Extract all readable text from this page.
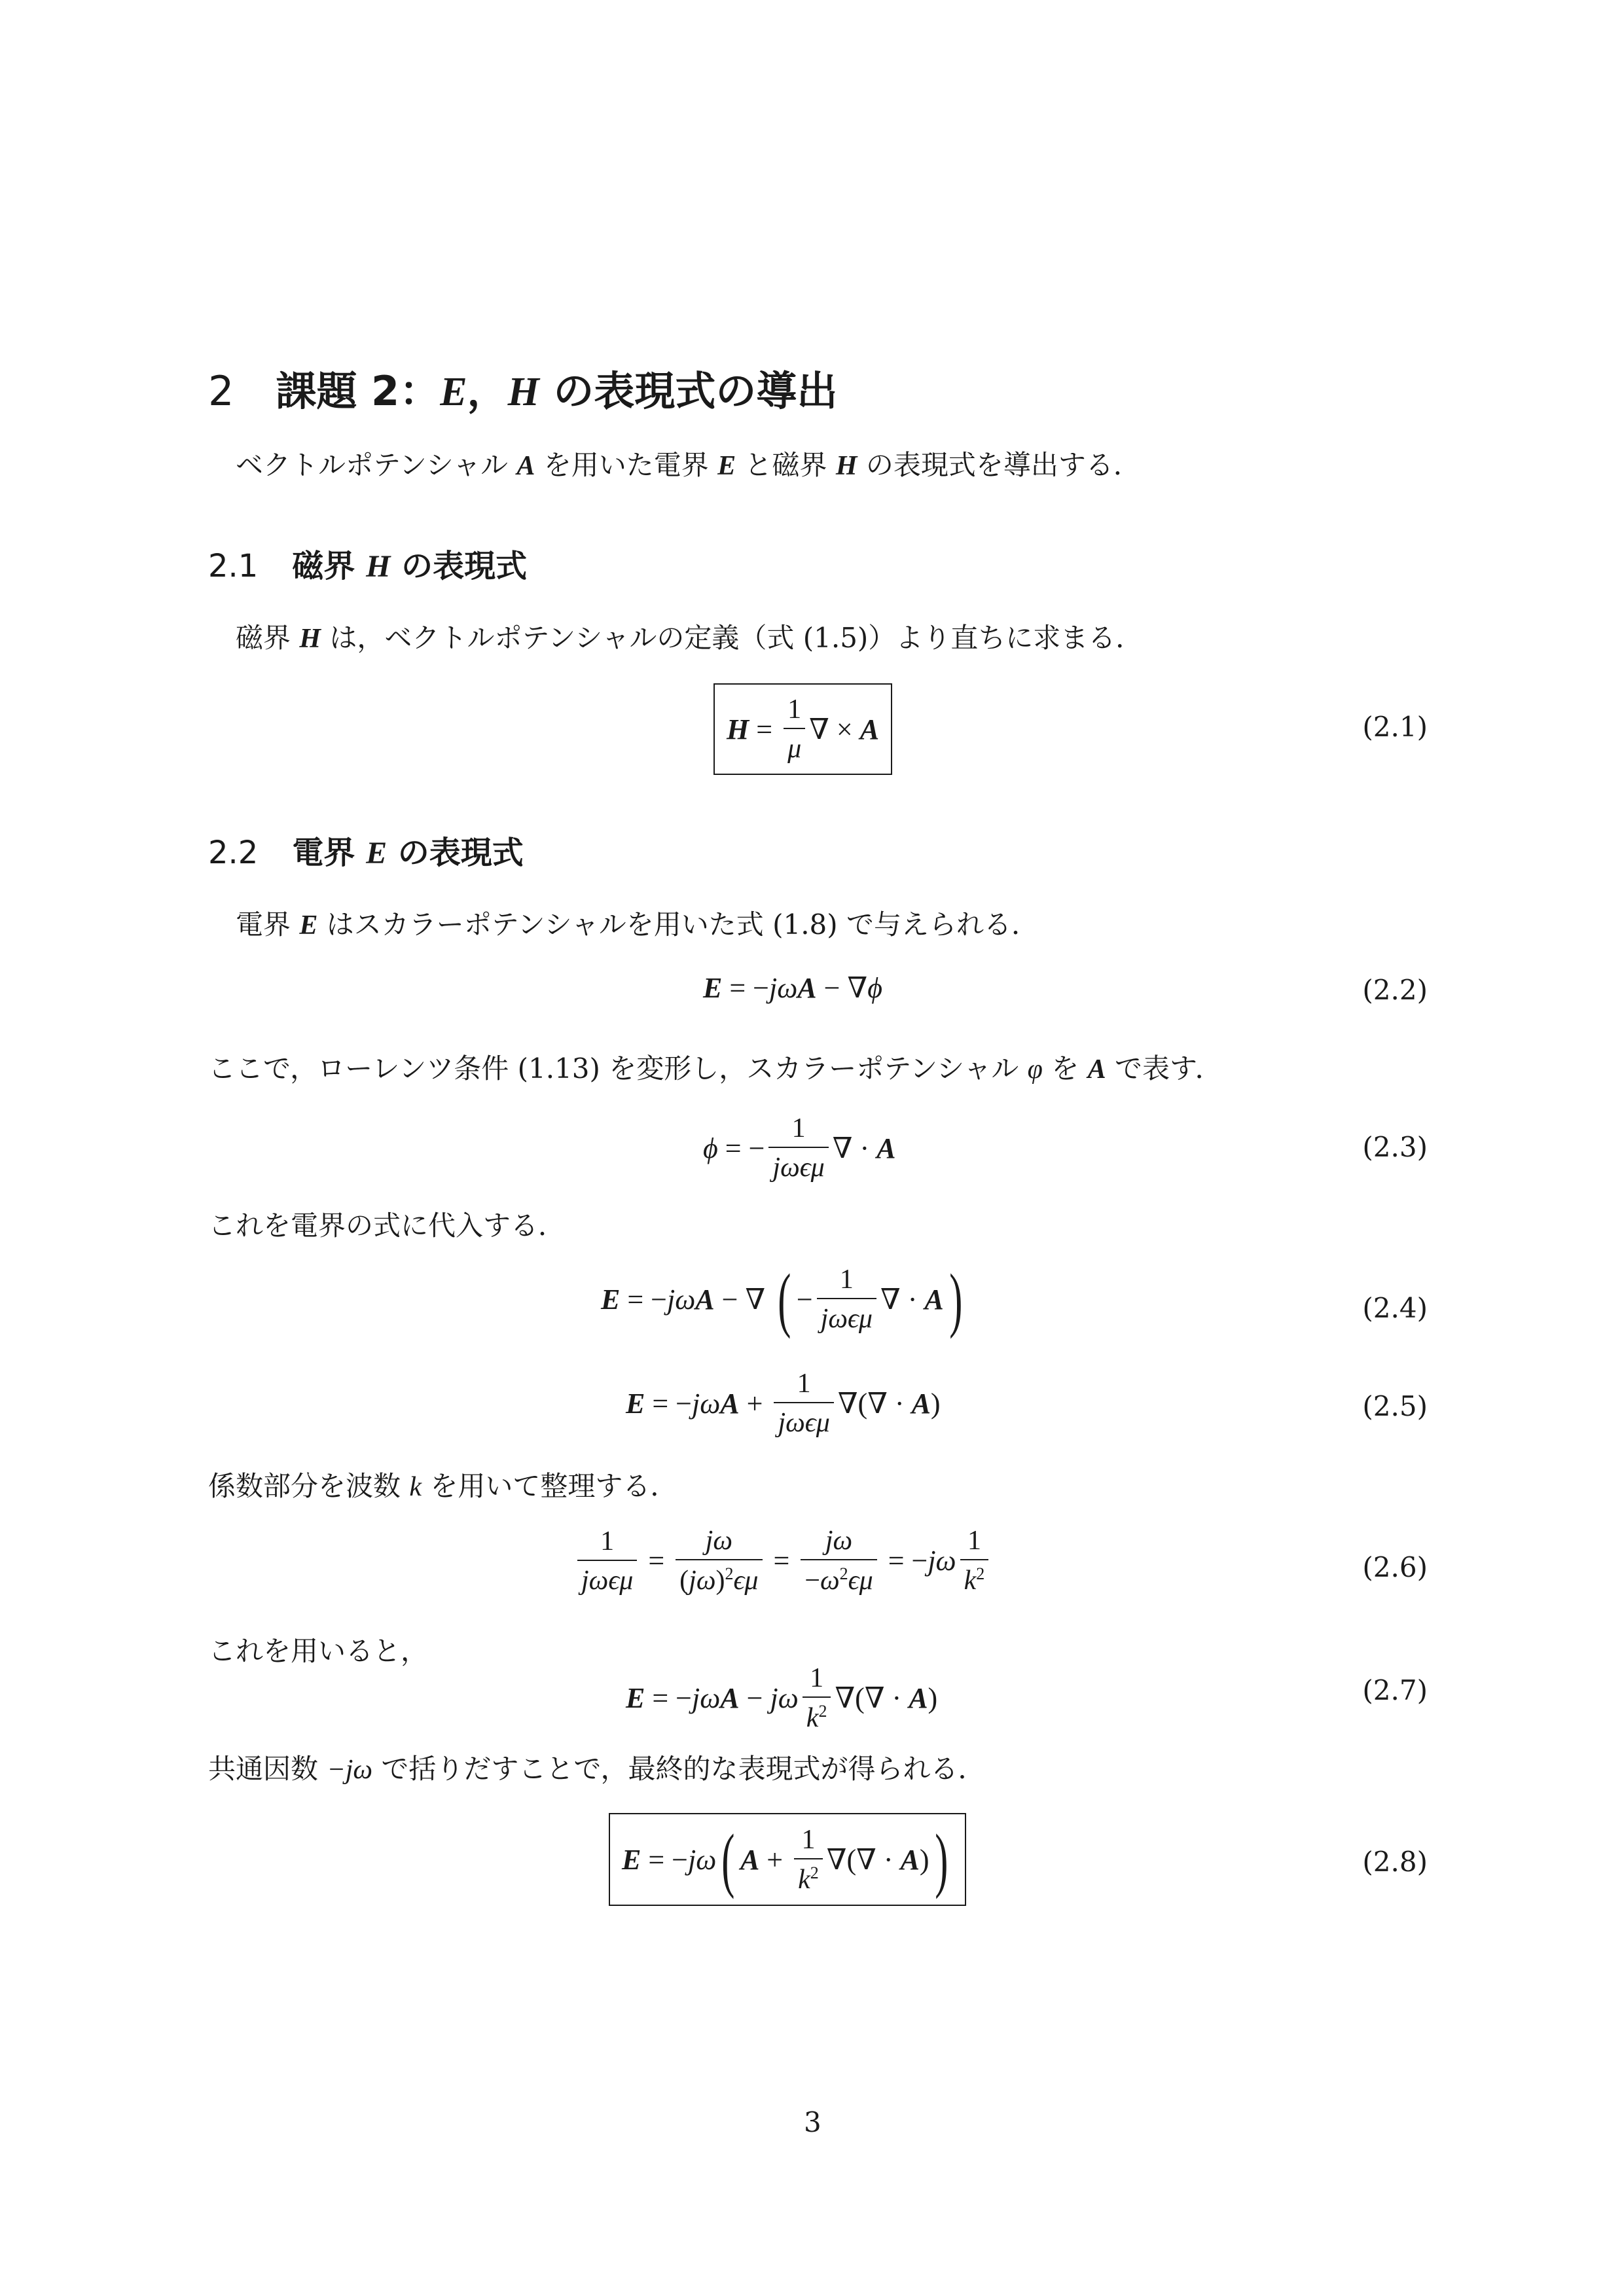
2 課題 2：E，H の表現式の導出
ベクトルポテンシャル A を用いた電界 E と磁界 H の表現式を導出する．
2.1 磁界 H の表現式
磁界 H は，ベクトルポテンシャルの定義（式 (1.5)）より直ちに求まる．
$H = \frac{1}{\mu}$ ∇ × A	(2.1)
2.2 電界 E の表現式
電界 E はスカラーポテンシャルを用いた式 (1.8) で与えられる．
E = − jω A − ∇ ϕ	(2.2)
ここで，ローレンツ条件 (1.13) を変形し，スカラーポテンシャル φ を A で表す．
ϕ = − $\frac{1}{\text{jωϵμ}}$ ∇ · A	(2.3)
これを電界の式に代入する．
E = − jω A − ∇ ( − $\frac{1}{\text{jωϵμ}}$ ∇ · A )	(2.4)
E = − jω $A + \frac{1}{\text{jωϵμ}}$ ∇(∇ · A )	(2.5)
係数部分を波数 k を用いて整理する．
$\frac{1}{\text{jωϵμ}} = \frac{j\omega}{(j\omega)^2\epsilon\mu} = \frac{j\omega}{-\omega^2\epsilon\mu}$ = − jω $\frac{1}{k^2}$	(2.6)
これを用いると，
E = − jω A − jω $\frac{1}{k^2}$ ∇(∇ · A )	(2.7)
共通因数 −jω で括りだすことで，最終的な表現式が得られる．
E = − jω ( $A + \frac{1}{k^2}$ ∇(∇ · A ) )	(2.8)
3
